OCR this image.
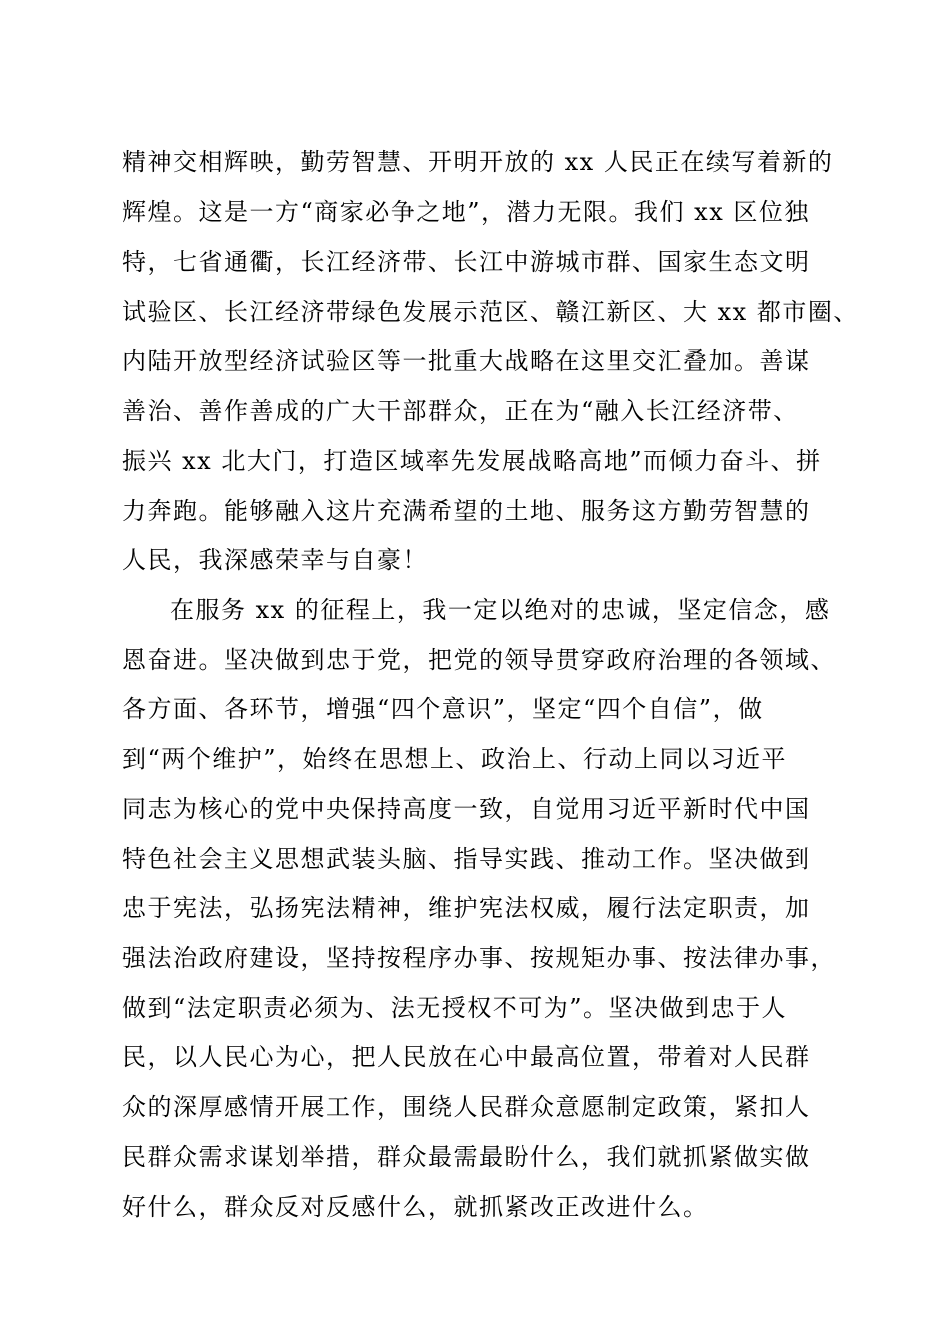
精神交相辉映，勤劳智慧、开明开放的 xx 人民正在续写着新的
辉煌。这是一方“商家必争之地”，潜力无限。我们 xx 区位独
特，七省通衢，长江经济带、长江中游城市群、国家生态文明
试验区、长江经济带绿色发展示范区、赣江新区、大 xx 都市圈、
内陆开放型经济试验区等一批重大战略在这里交汇叠加。善谋
善治、善作善成的广大干部群众，正在为“融入长江经济带、
振兴 xx 北大门，打造区域率先发展战略高地”而倾力奋斗、拼
力奔跑。能够融入这片充满希望的土地、服务这方勤劳智慧的
人民，我深感荣幸与自豪！
在服务 xx 的征程上，我一定以绝对的忠诚，坚定信念，感
恩奋进。坚决做到忠于党，把党的领导贯穿政府治理的各领域、
各方面、各环节，增强“四个意识”，坚定“四个自信”，做
到“两个维护”，始终在思想上、政治上、行动上同以习近平
同志为核心的党中央保持高度一致，自觉用习近平新时代中国
特色社会主义思想武装头脑、指导实践、推动工作。坚决做到
忠于宪法，弘扬宪法精神，维护宪法权威，履行法定职责，加
强法治政府建设，坚持按程序办事、按规矩办事、按法律办事，
做到“法定职责必须为、法无授权不可为”。坚决做到忠于人
民，以人民心为心，把人民放在心中最高位置，带着对人民群
众的深厚感情开展工作，围绕人民群众意愿制定政策，紧扣人
民群众需求谋划举措，群众最需最盼什么，我们就抓紧做实做
好什么，群众反对反感什么，就抓紧改正改进什么。
